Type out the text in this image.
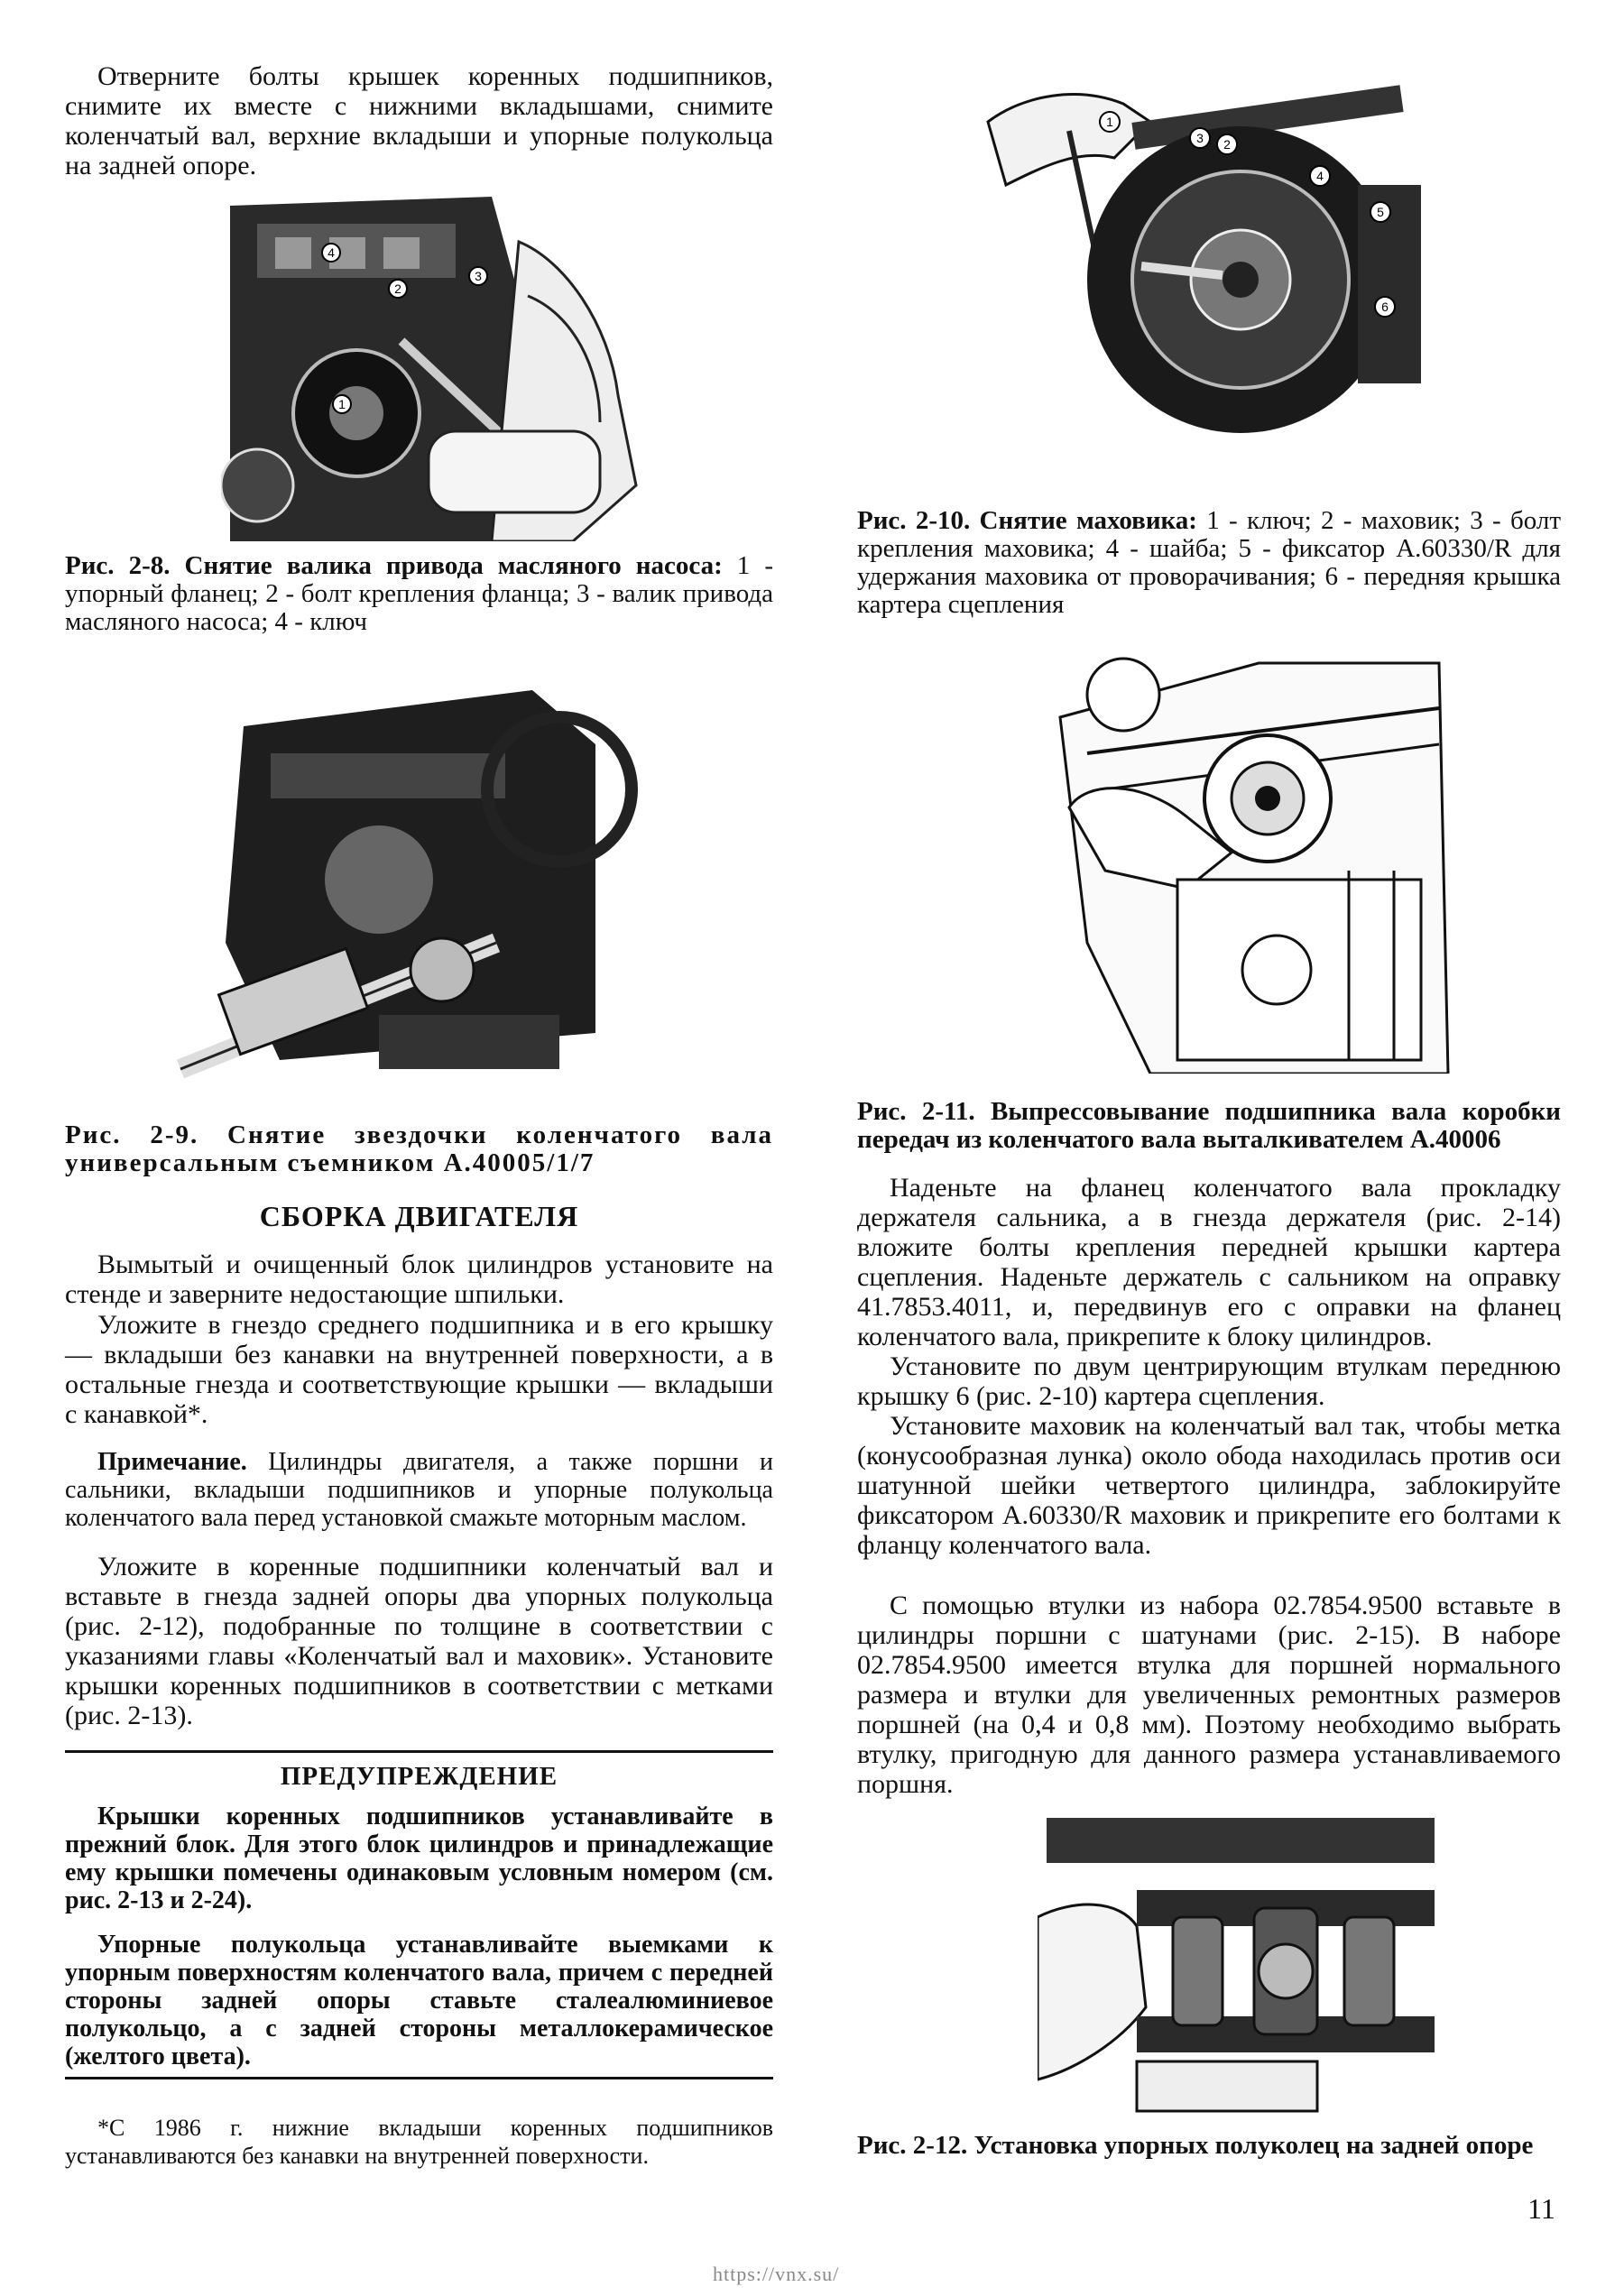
Отверните болты крышек коренных подшипников, снимите их вместе с нижними вкладышами, снимите коленчатый вал, верхние вкладыши и упорные полукольца на задней опоре.

1
2
3
4

Рис. 2-8. Снятие валика привода масляного насоса: 1 - упорный фланец; 2 - болт крепления фланца; 3 - валик привода масляного насоса; 4 - ключ

Рис. 2-9. Снятие звездочки коленчатого вала универсальным съемником А.40005/1/7

СБОРКА ДВИГАТЕЛЯ

Вымытый и очищенный блок цилиндров установите на стенде и заверните недостающие шпильки.

Уложите в гнездо среднего подшипника и в его крышку — вкладыши без канавки на внутренней поверхности, а в остальные гнезда и соответствующие крышки — вкладыши с канавкой*.

Примечание. Цилиндры двигателя, а также поршни и сальники, вкладыши подшипников и упорные полукольца коленчатого вала перед установкой смажьте моторным маслом.

Уложите в коренные подшипники коленчатый вал и вставьте в гнезда задней опоры два упорных полукольца (рис. 2-12), подобранные по толщине в соответствии с указаниями главы «Коленчатый вал и маховик». Установите крышки коренных подшипников в соответствии с метками (рис. 2-13).

ПРЕДУПРЕЖДЕНИЕ

Крышки коренных подшипников устанавливайте в прежний блок. Для этого блок цилиндров и принадлежащие ему крышки помечены одинаковым условным номером (см. рис. 2-13 и 2-24).

Упорные полукольца устанавливайте выемками к упорным поверхностям коленчатого вала, причем с передней стороны задней опоры ставьте сталеалюминиевое полукольцо, а с задней стороны металлокерамическое (желтого цвета).

*С 1986 г. нижние вкладыши коренных подшипников устанавливаются без канавки на внутренней поверхности.

1
2
3
4
5
6

Рис. 2-10. Снятие маховика: 1 - ключ; 2 - маховик; 3 - болт крепления маховика; 4 - шайба; 5 - фиксатор А.60330/R для удержания маховика от проворачивания; 6 - передняя крышка картера сцепления

Рис. 2-11. Выпрессовывание подшипника вала коробки передач из коленчатого вала выталкивателем А.40006

Наденьте на фланец коленчатого вала прокладку держателя сальника, а в гнезда держателя (рис. 2-14) вложите болты крепления передней крышки картера сцепления. Наденьте держатель с сальником на оправку 41.7853.4011, и, передвинув его с оправки на фланец коленчатого вала, прикрепите к блоку цилиндров.

Установите по двум центрирующим втулкам переднюю крышку 6 (рис. 2-10) картера сцепления.

Установите маховик на коленчатый вал так, чтобы метка (конусообразная лунка) около обода находилась против оси шатунной шейки четвертого цилиндра, заблокируйте фиксатором А.60330/R маховик и прикрепите его болтами к фланцу коленчатого вала.

С помощью втулки из набора 02.7854.9500 вставьте в цилиндры поршни с шатунами (рис. 2-15). В наборе 02.7854.9500 имеется втулка для поршней нормального размера и втулки для увеличенных ремонтных размеров поршней (на 0,4 и 0,8 мм). Поэтому необходимо выбрать втулку, пригодную для данного размера устанавливаемого поршня.

Рис. 2-12. Установка упорных полуколец на задней опоре

11
https://vnx.su/
